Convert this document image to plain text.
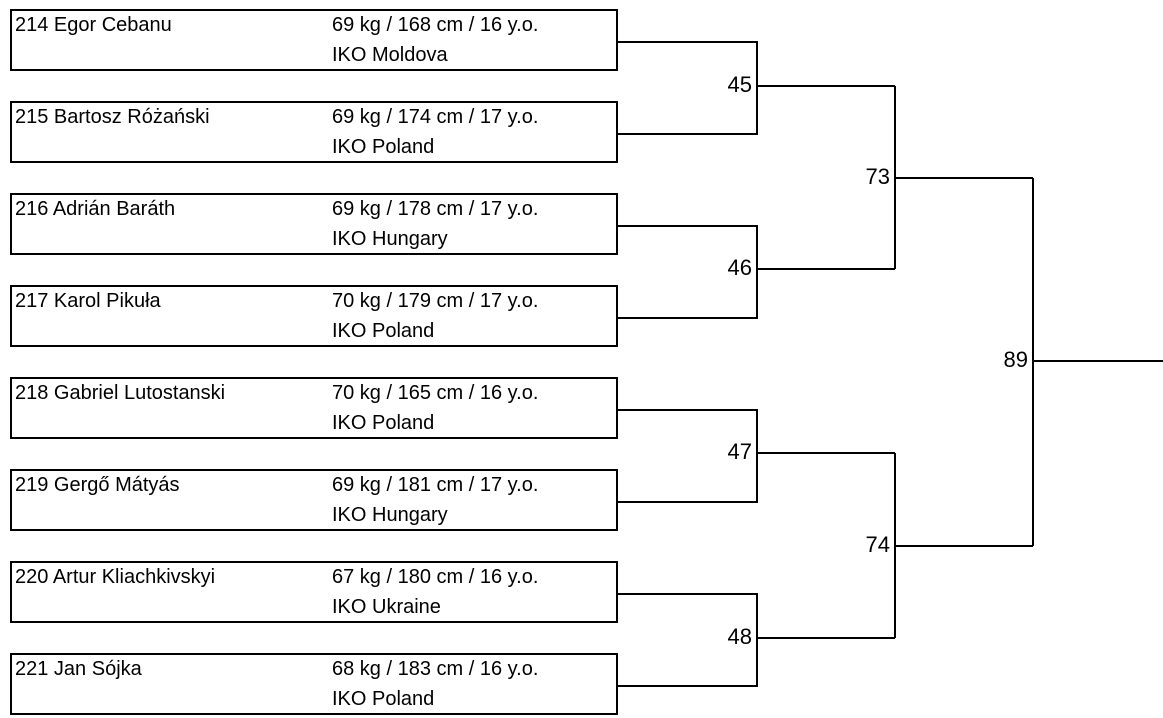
214 Egor Cebanu	69 kg / 168 cm / 16 y.o.
IKO Moldova
215 Bartosz Różański	69 kg / 174 cm / 17 y.o.
IKO Poland
216 Adrián Baráth	69 kg / 178 cm / 17 y.o.
IKO Hungary
217 Karol Pikuła	70 kg / 179 cm / 17 y.o.
IKO Poland
218 Gabriel Lutostanski	70 kg / 165 cm / 16 y.o.
IKO Poland
219 Gergő Mátyás	69 kg / 181 cm / 17 y.o.
IKO Hungary
220 Artur Kliachkivskyi	67 kg / 180 cm / 16 y.o.
IKO Ukraine
221 Jan Sójka	68 kg / 183 cm / 16 y.o.
IKO Poland
45
46
47
48
73
74
89
